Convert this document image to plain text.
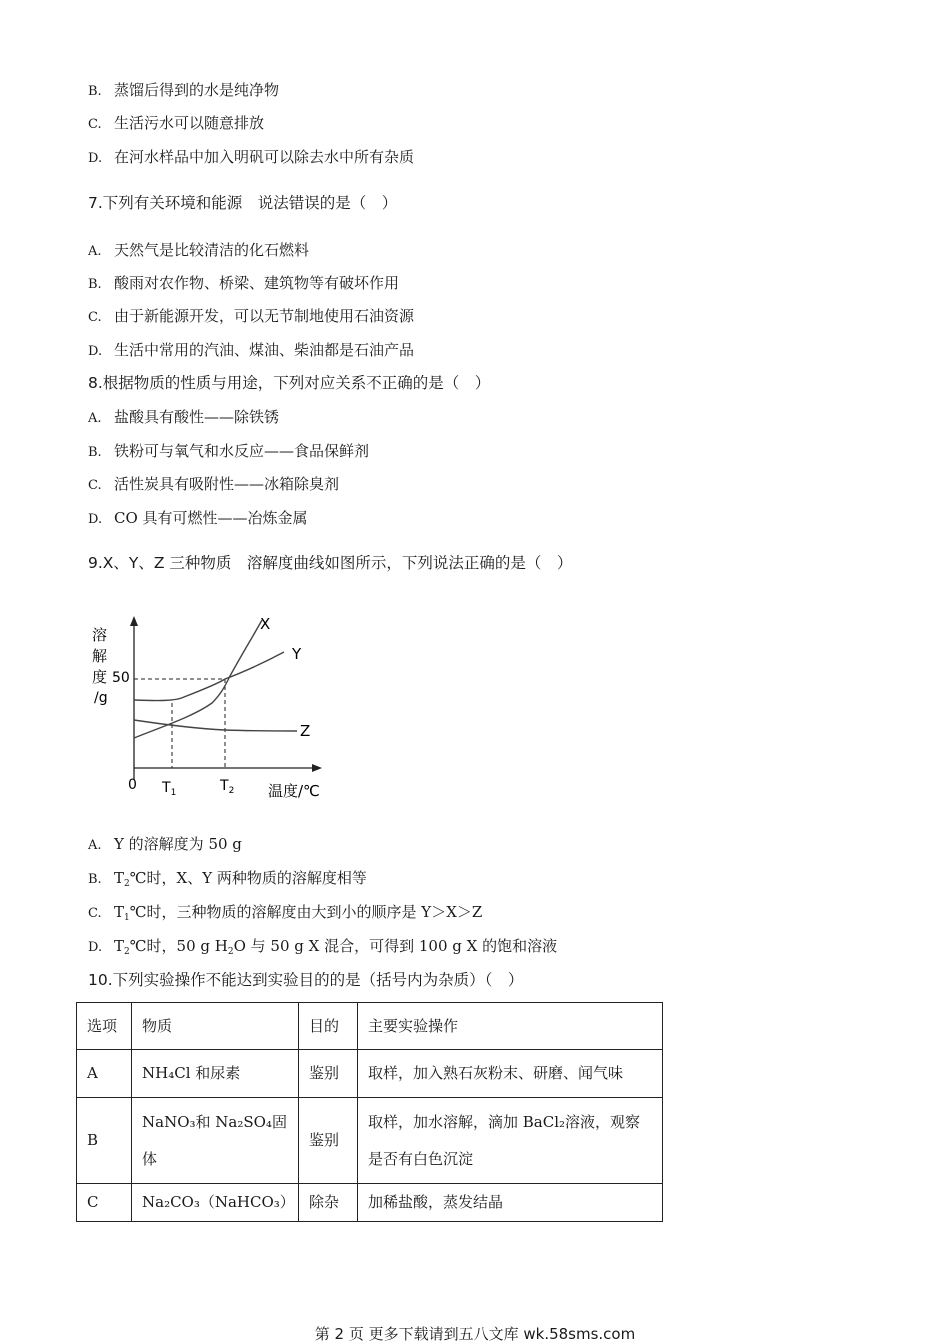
B. 蒸馏后得到的水是纯净物
C. 生活污水可以随意排放
D. 在河水样品中加入明矾可以除去水中所有杂质
7.下列有关环境和能源　说法错误的是（　）
A. 天然气是比较清洁的化石燃料
B. 酸雨对农作物、桥梁、建筑物等有破坏作用
C. 由于新能源开发，可以无节制地使用石油资源
D. 生活中常用的汽油、煤油、柴油都是石油产品
8.根据物质的性质与用途，下列对应关系不正确的是（　）
A. 盐酸具有酸性——除铁锈
B. 铁粉可与氧气和水反应——食品保鲜剂
C. 活性炭具有吸附性——冰箱除臭剂
D. CO 具有可燃性——冶炼金属
9.X、Y、Z 三种物质　溶解度曲线如图所示，下列说法正确的是（　）
溶
解
度
/g
50
X
Y
Z
0 $T_1$	$T_2$ 温度/℃
A. Y 的溶解度为 50 g
B. $T_2℃$时，X、Y 两种物质的溶解度相等
C. $T_1℃$时，三种物质的溶解度由大到小的顺序是 Y＞X＞Z
D. $T_2℃$时，50 g $H_2O$ 与 50 g X 混合，可得到 100 g X 的饱和溶液
10.下列实验操作不能达到实验目的的是（括号内为杂质）（　）
选项	物质	目的	主要实验操作
A	NH₄Cl 和尿素	鉴别	取样，加入熟石灰粉末、研磨、闻气味
B	NaNO₃和 Na₂SO₄固体	鉴别	取样，加水溶解，滴加 BaCl₂溶液，观察是否有白色沉淀
C	Na₂CO₃（NaHCO₃）	除杂	加稀盐酸，蒸发结晶
第 2 页 更多下载请到五八文库 wk.58sms.com
